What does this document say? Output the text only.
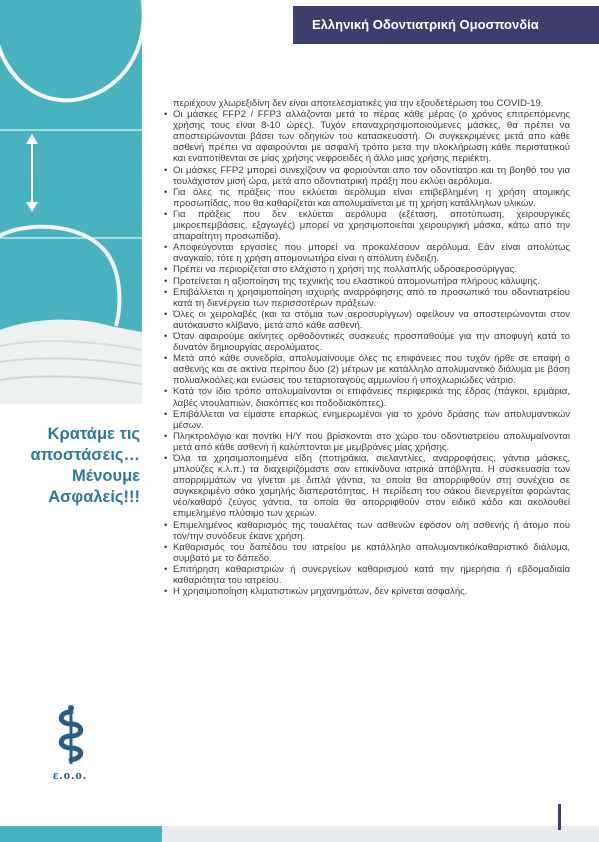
Κρατάμε τις
αποστάσεις…
Μένουμε
Ασφαλείς!!!
ε.ο.ο.
Ελληνική Οδοντιατρική Ομοσπονδία

περιέχουν χλωρεξιδίνη δεν είναι αποτελεσματικές για την εξουδετέρωση του COVID-19.

• Οι μάσκες FFP2 / FFP3 αλλάζονται μετά το πέρας κάθε μέρας (ο χρόνος επιτρεπόμενης χρήσης τους είναι 8-10 ώρες). Τυχόν επαναχρησιμοποιούμενες μάσκες, θα πρέπει να αποστειρώνονται βάσει των οδηγιών του κατασκευαστή. Οι συγκεκριμένες μετά απο κάθε ασθενή πρέπει να αφαιρούνται με ασφαλή τρόπο μετα την ολοκλήρωση κάθε περιστατικού και εναποτίθενται σε μίας χρήσης νεφροειδές ή άλλο μιας χρήσης περιέκτη.
• Οι μάσκες FFP2 μπορεί συνεχίζουν να φοριούνται απο τον οδοντίατρο και τη βοηθό του για τουλάχιστον μισή ώρα, μετά απο οδοντιατρική πράξη που εκλύει αερόλυμα.
• Για όλες τις πράξεις που εκλύεται αερόλυμα είναι επιβεβλημένη η χρήση ατομικής προσωπίδας, που θα καθαρίζεται και απολυμαίνεται με τη χρήση κατάλληλων υλικών.
• Για πράξεις που δεν εκλύεται αερόλυμα (εξέταση, αποτύπωση, χειρουργικές μικροεπεμβάσεις, εξαγωγές) μπορεί να χρησιμοποιείται χειρουργική μάσκα, κάτω από την απαραίτητη προσωπίδα).
• Αποφεύγονται εργασίες που μπορεί να προκαλέσουν αερόλυμα. Εάν είναι απολύτως αναγκαίο, τότε η χρήση απομονωτήρα είναι η απόλυτη ένδειξη.
• Πρέπει να περιορίζεται στο ελάχιστο η χρήση της πολλαπλής υδροαεροσύριγγας.
• Προτείνεται η αξιοποίηση της τεχνικής του ελαστικού απομονωτήρα πλήρους κάλυψης.
• Επιβάλλεται η χρησιμοποίηση ισχυρής αναρρόφησης από το προσωπικό του οδοντιατρείου κατά τη διενέργεια των περισσοτέρων πράξεων.
• Όλες οι χειρολαβές (και τα στόμια των αεροσυρίγγων) οφείλουν να αποστειρώνονται στον αυτόκαυστο κλίβανο, μετά από κάθε ασθενή.
• Όταν αφαιρούμε ακίνητες ορθοδοντικές συσκευές προσπαθούμε για την αποφυγή κατά το δυνατόν δημιουργίας αερολύματος.
• Μετά από κάθε συνεδρία, απολυμαίνουμε όλες τις επιφάνειες που τυχόν ήρθε σε επαφή ο ασθενής και σε ακτίνα περίπου δυο (2) μέτρων με κατάλληλο απολυμαντικό διάλυμα με βάση πολυαλκοόλες και ενώσεις του τεταρτοταγούς αμμωνίου ή υποχλωριώδες νάτριο.
• Κατά τον ίδιο τρόπο απολυμαίνονται οι επιφάνειες περιφερικά της έδρας (πάγκοι, ερμάρια, λαβές ντουλαπιών, διακόπτες και ποδοδιακόπτες).
• Επιβάλλεται να είμαστε επαρκώς ενημερωμένοι για το χρόνο δράσης των απολυμαντικών μέσων.
• Πληκτρολόγιο και ποντίκι Η/Υ που βρίσκονται στο χώρο του οδοντιατρείου απολυμαίνονται μετά από κάθε ασθενή ή καλύπτονται με μεμβράνες μίας χρήσης.
• Όλα τα χρησιμοποιημένα είδη (ποτηράκια, σιελαντλίες, αναρροφήσεις, γάντια μάσκες, μπλούζες κ.λ.π.) τα διαχειριζόμαστε σαν επικίνδυνα ιατρικά απόβλητα. Η συσκευασία των απορριμμάτων να γίνεται με διπλά γάντια, τα οποία θα απορριφθούν στη συνέχεια σε συγκεκριμένο σάκο χαμηλής διαπερατότητας. Η περίδεση του σάκου διενεργείται φορώντας νέο/καθαρό ζεύγος γάντια, τα οποία θα απορριφθούν στον ειδικό κάδο και ακολουθεί επιμελημένο πλύσιμο των χεριών.
• Επιμελημένος καθαρισμός της τουαλέτας των ασθενών εφόσον ο/η ασθενής ή άτομο που τον/την συνόδευε έκανε χρήση.
• Καθαρισμός του δαπέδου του ιατρείου με κατάλληλο απολυμαντικό/καθαριστικό διάλυμα, συμβατό με το δάπεδο.
• Επιτήρηση καθαριστριών ή συνεργείων καθαρισμού κατά την ημερήσια ή εβδομαδιαία καθαριότητα του ιατρείου.
• Η χρησιμοποίηση κλιματιστικών μηχανημάτων, δεν κρίνεται ασφαλής.
